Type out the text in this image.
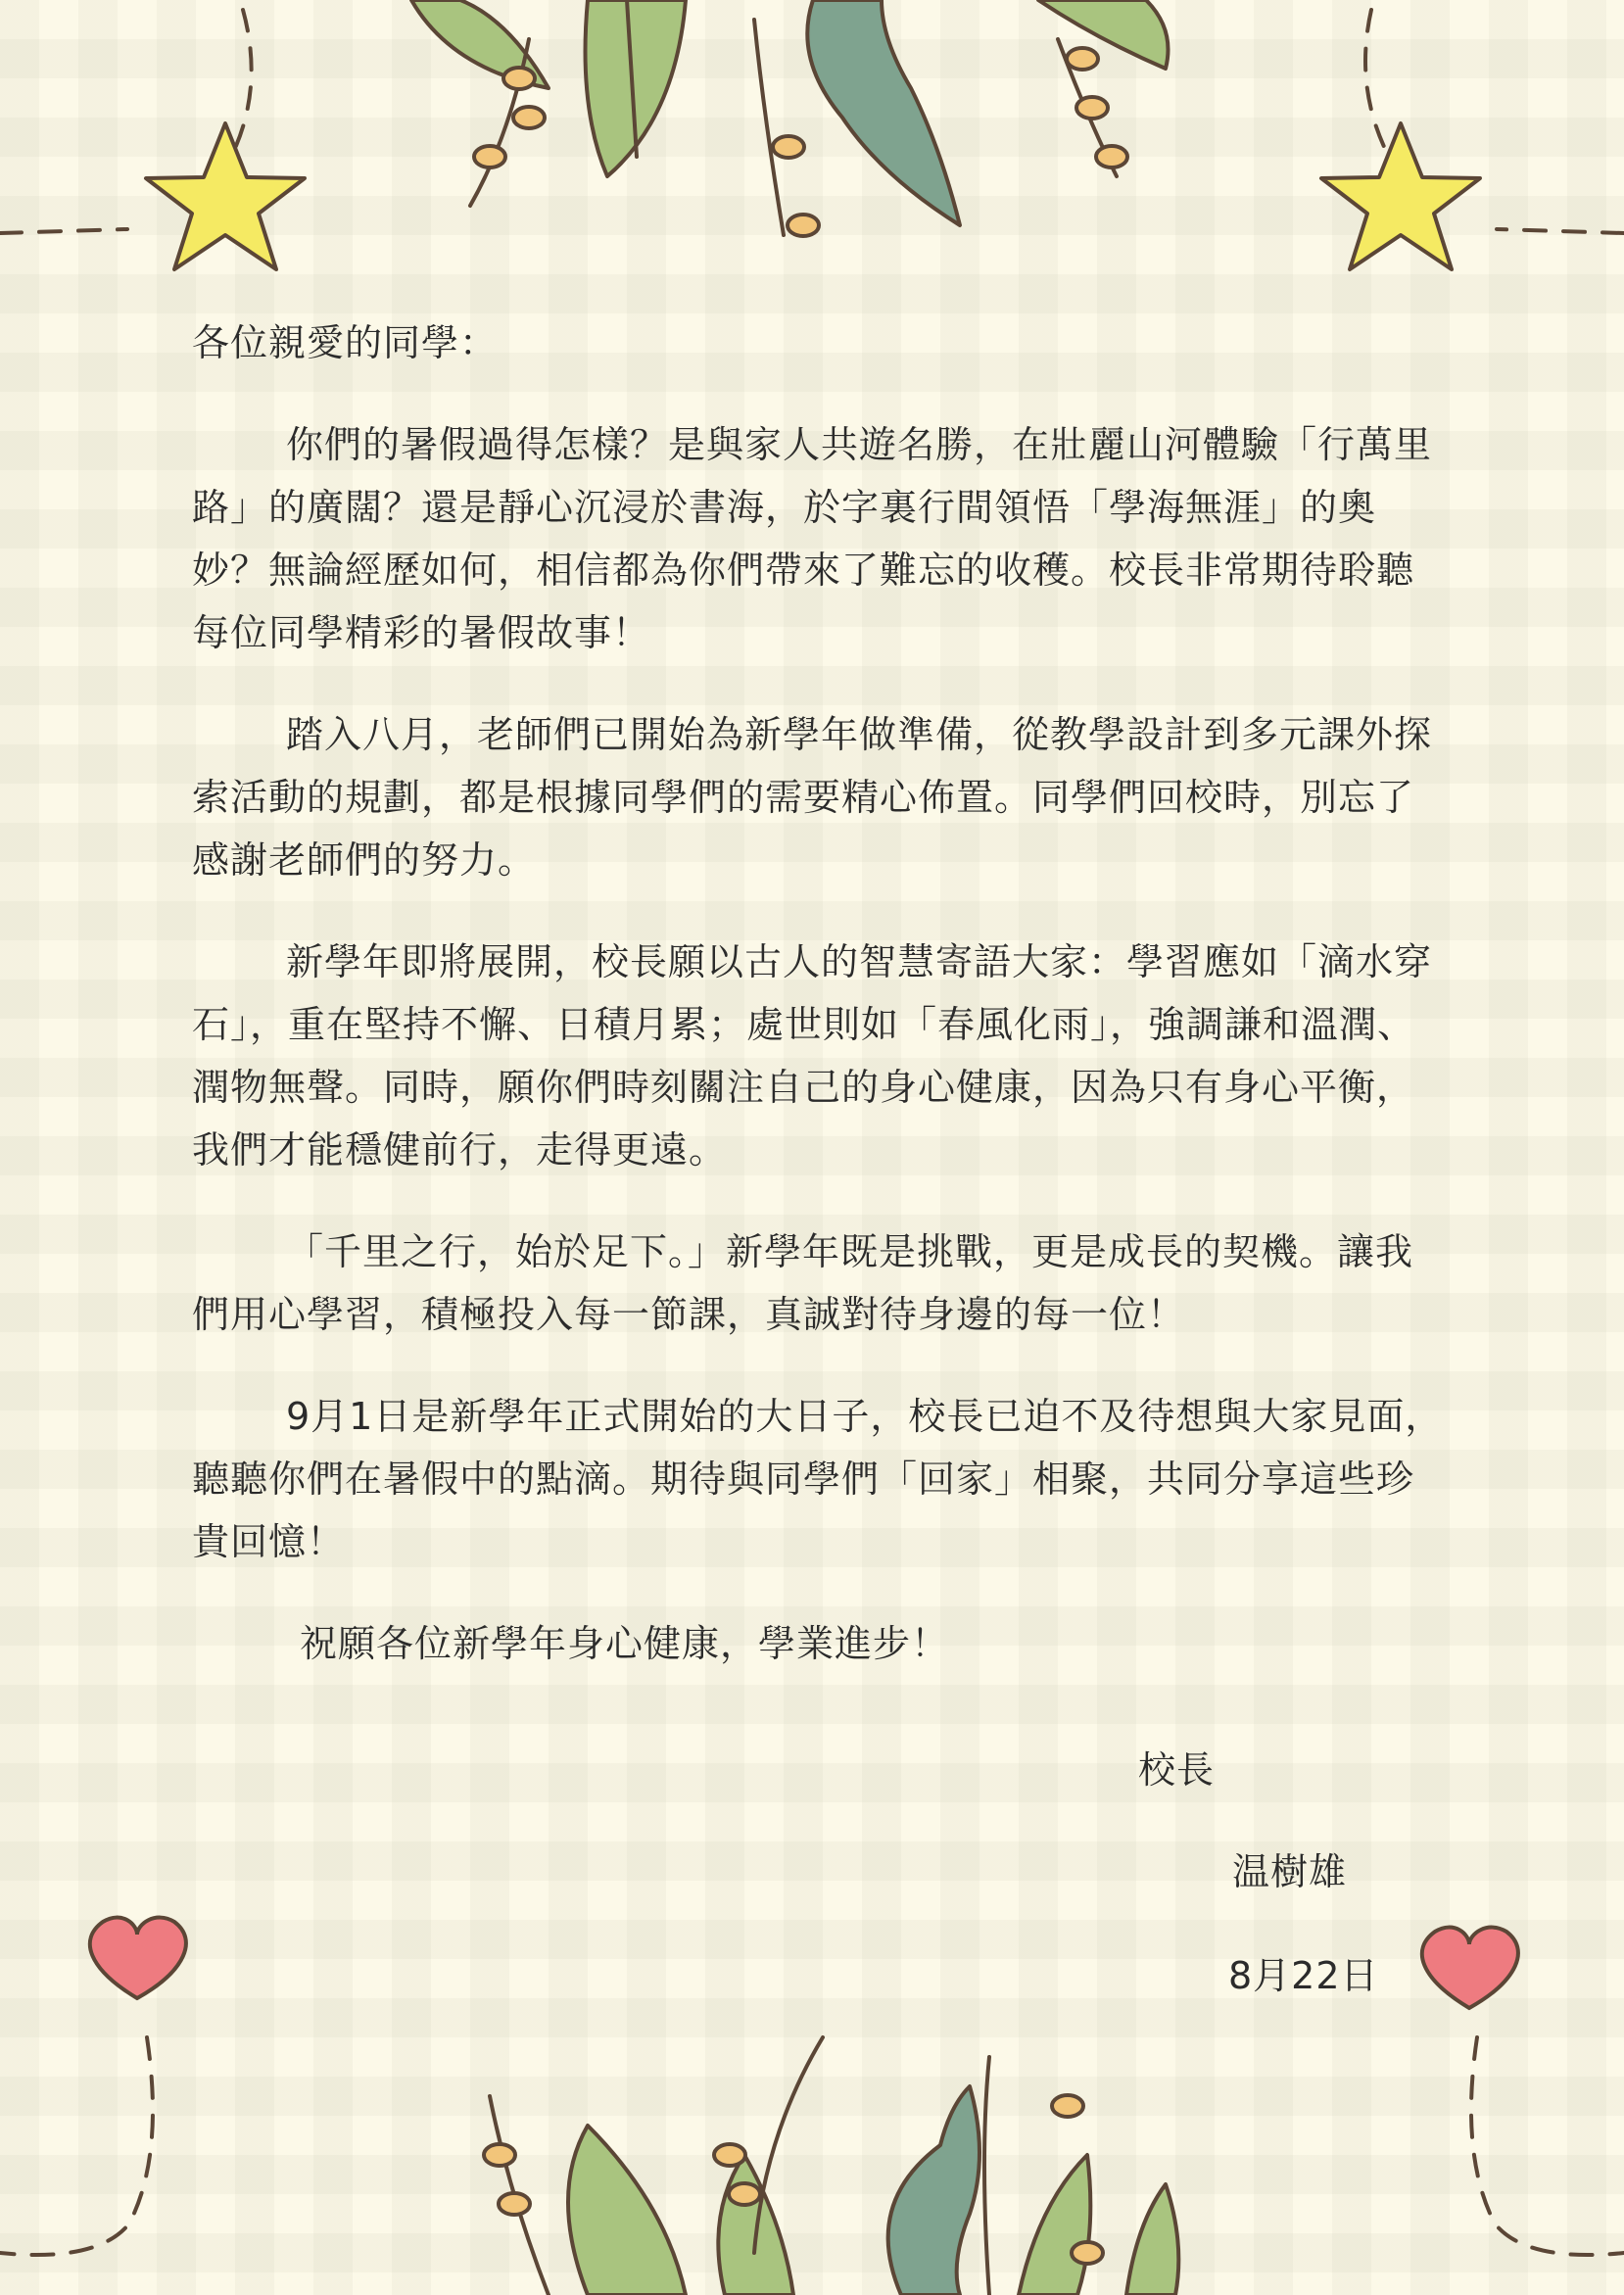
各位親愛的同學：

你們的暑假過得怎樣？是與家人共遊名勝，在壯麗山河體驗「行萬里路」的廣闊？還是靜心沉浸於書海，於字裏行間領悟「學海無涯」的奧妙？無論經歷如何，相信都為你們帶來了難忘的收穫。校長非常期待聆聽每位同學精彩的暑假故事！

踏入八月，老師們已開始為新學年做準備，從教學設計到多元課外探索活動的規劃，都是根據同學們的需要精心佈置。同學們回校時，別忘了感謝老師們的努力。

新學年即將展開，校長願以古人的智慧寄語大家：學習應如「滴水穿石」，重在堅持不懈、日積月累；處世則如「春風化雨」，強調謙和溫潤、潤物無聲。同時，願你們時刻關注自己的身心健康，因為只有身心平衡，我們才能穩健前行，走得更遠。

「千里之行，始於足下。」新學年既是挑戰，更是成長的契機。讓我們用心學習，積極投入每一節課，真誠對待身邊的每一位！

9月1日是新學年正式開始的大日子，校長已迫不及待想與大家見面，聽聽你們在暑假中的點滴。期待與同學們「回家」相聚，共同分享這些珍貴回憶！

祝願各位新學年身心健康，學業進步！

校長
温樹雄
8月22日
